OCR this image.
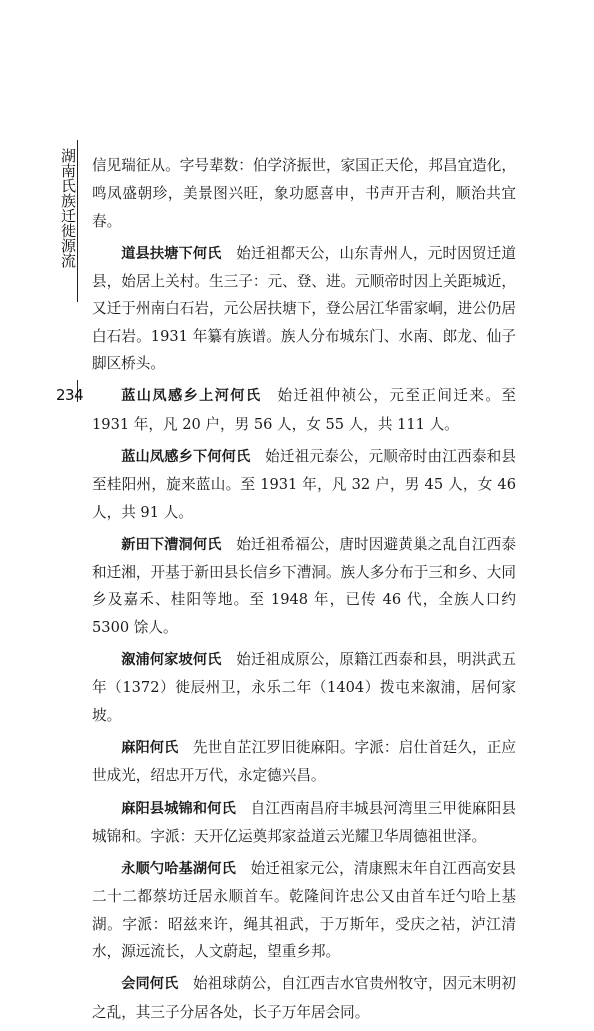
湖南氏族迁徙源流
234

信见瑞征从。字号辈数：伯学济振世，家国正天伦，邦昌宜造化，鸣凤盛朝珍，美景图兴旺，象功愿喜申，书声开吉利，顺治共宜春。

道县扶塘下何氏　 始迁祖都天公，山东青州人，元时因贸迁道县，始居上关村。生三子：元、登、进。元顺帝时因上关距城近，又迁于州南白石岩，元公居扶塘下，登公居江华雷家峒，进公仍居白石岩。1931 年纂有族谱。族人分布城东门、水南、郎龙、仙子脚区桥头。

蓝山凤感乡上河何氏　 始迁祖仲祯公，元至正间迁来。至 1931 年，凡 20 户，男 56 人，女 55 人，共 111 人。

蓝山凤感乡下何何氏　 始迁祖元泰公，元顺帝时由江西泰和县至桂阳州，旋来蓝山。至 1931 年，凡 32 户，男 45 人，女 46 人，共 91 人。

新田下漕洞何氏　 始迁祖希福公，唐时因避黄巢之乱自江西泰和迁湘，开基于新田县长信乡下漕洞。族人多分布于三和乡、大同乡及嘉禾、桂阳等地。至 1948 年，已传 46 代，全族人口约 5300 馀人。

溆浦何家坡何氏　 始迁祖成原公，原籍江西泰和县，明洪武五年（1372）徙辰州卫，永乐二年（1404）拨屯来溆浦，居何家坡。

麻阳何氏　 先世自芷江罗旧徙麻阳。字派：启仕首廷久，正应世成光，绍忠开万代，永定德兴昌。

麻阳县城锦和何氏　 自江西南昌府丰城县河湾里三甲徙麻阳县城锦和。字派：天开亿运奠邦家益道云光耀卫华周德祖世泽。

永顺勺哈基湖何氏　 始迁祖家元公，清康熙末年自江西高安县二十二都蔡坊迁居永顺首车。乾隆间许忠公又由首车迁勺哈上基湖。字派：昭兹来许，绳其祖武，于万斯年，受庆之祜，泸江清水，源远流长，人文蔚起，望重乡邦。

会同何氏　 始祖球荫公，自江西吉水官贵州牧守，因元末明初之乱，其三子分居各处，长子万年居会同。
